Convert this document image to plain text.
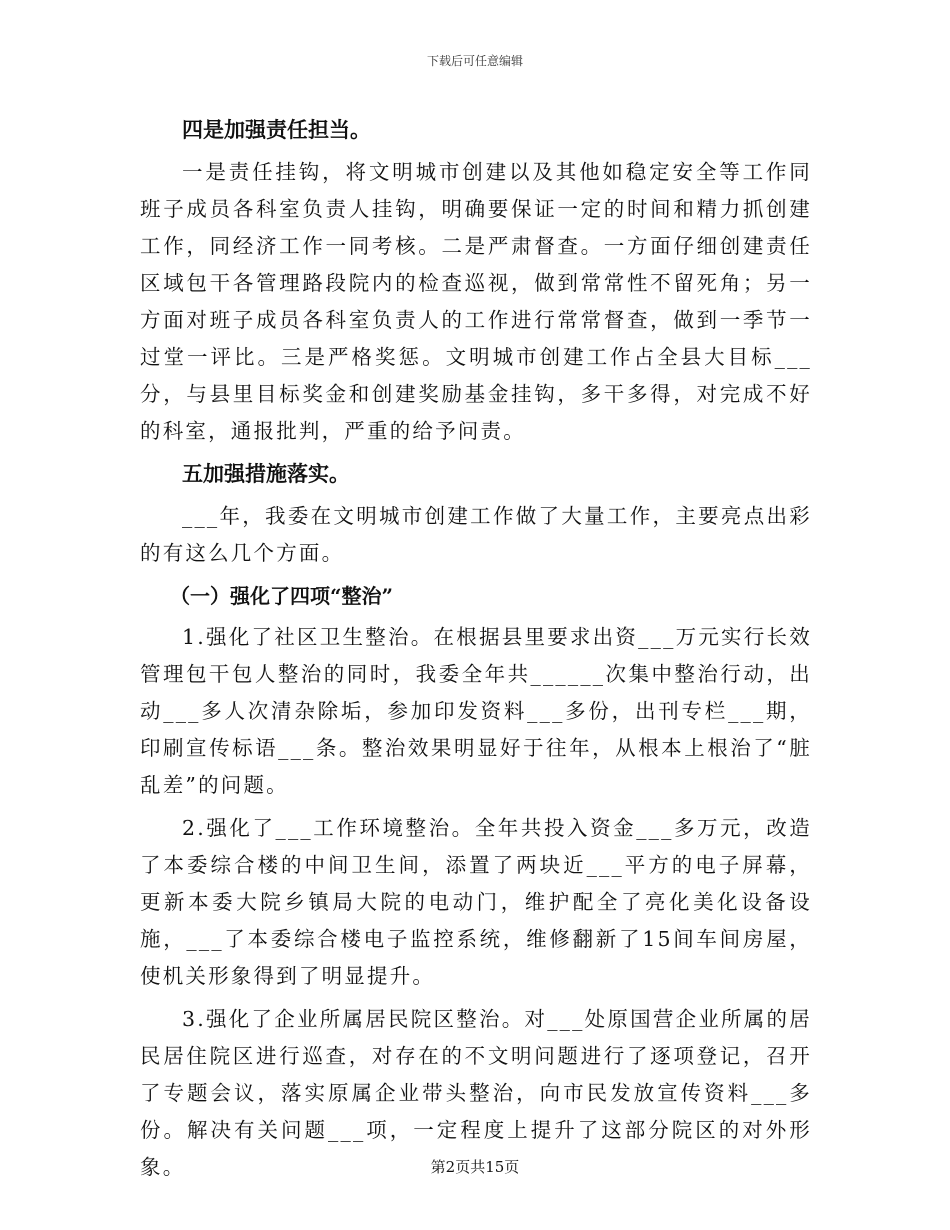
下载后可任意编辑
四是加强责任担当。

一是责任挂钩，将文明城市创建以及其他如稳定安全等工作同班子成员各科室负责人挂钩，明确要保证一定的时间和精力抓创建工作，同经济工作一同考核。二是严肃督查。一方面仔细创建责任区域包干各管理路段院内的检查巡视，做到常常性不留死角；另一方面对班子成员各科室负责人的工作进行常常督查，做到一季节一过堂一评比。三是严格奖惩。文明城市创建工作占全县大目标___分，与县里目标奖金和创建奖励基金挂钩，多干多得，对完成不好的科室，通报批判，严重的给予问责。

五加强措施落实。

___年，我委在文明城市创建工作做了大量工作，主要亮点出彩的有这么几个方面。

（一）强化了四项“整治”

1.强化了社区卫生整治。在根据县里要求出资___万元实行长效管理包干包人整治的同时，我委全年共______次集中整治行动，出动___多人次清杂除垢，参加印发资料___多份，出刊专栏___期，印刷宣传标语___条。整治效果明显好于往年，从根本上根治了“脏乱差”的问题。

2.强化了___工作环境整治。全年共投入资金___多万元，改造了本委综合楼的中间卫生间，添置了两块近___平方的电子屏幕，更新本委大院乡镇局大院的电动门，维护配全了亮化美化设备设施，___了本委综合楼电子监控系统，维修翻新了15间车间房屋，使机关形象得到了明显提升。

3.强化了企业所属居民院区整治。对___处原国营企业所属的居民居住院区进行巡查，对存在的不文明问题进行了逐项登记，召开了专题会议，落实原属企业带头整治，向市民发放宣传资料___多份。解决有关问题___项，一定程度上提升了这部分院区的对外形象。	第2页共15页
